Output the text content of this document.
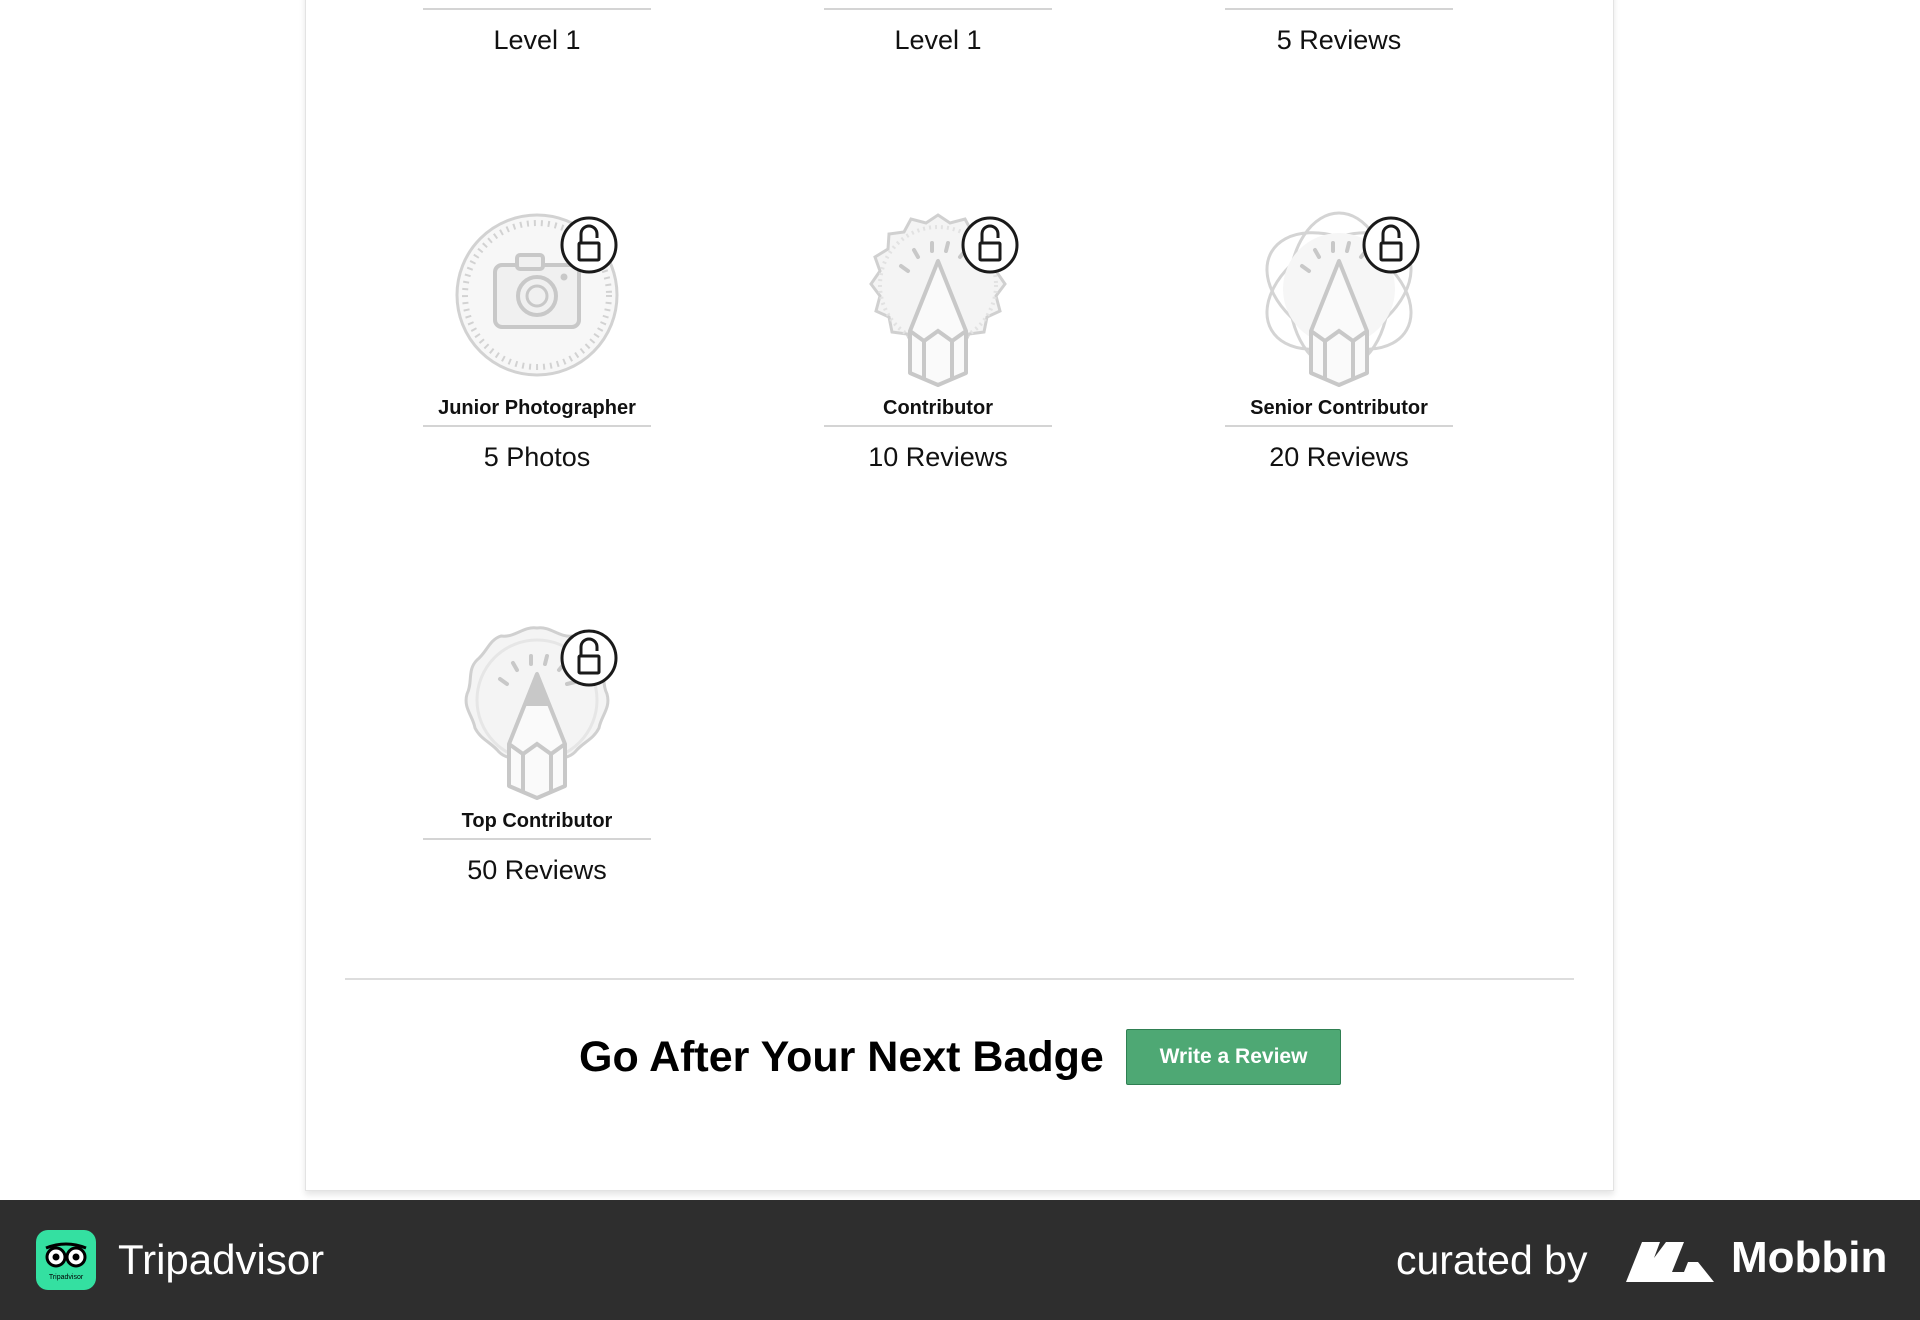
Level 1	Level 1	5 Reviews
Junior Photographer
5 Photos
Contributor
10 Reviews
Senior Contributor
20 Reviews
Top Contributor
50 Reviews
Go After Your Next Badge	Write a Review
Tripadvisor Tripadvisor	curated by	Mobbin
